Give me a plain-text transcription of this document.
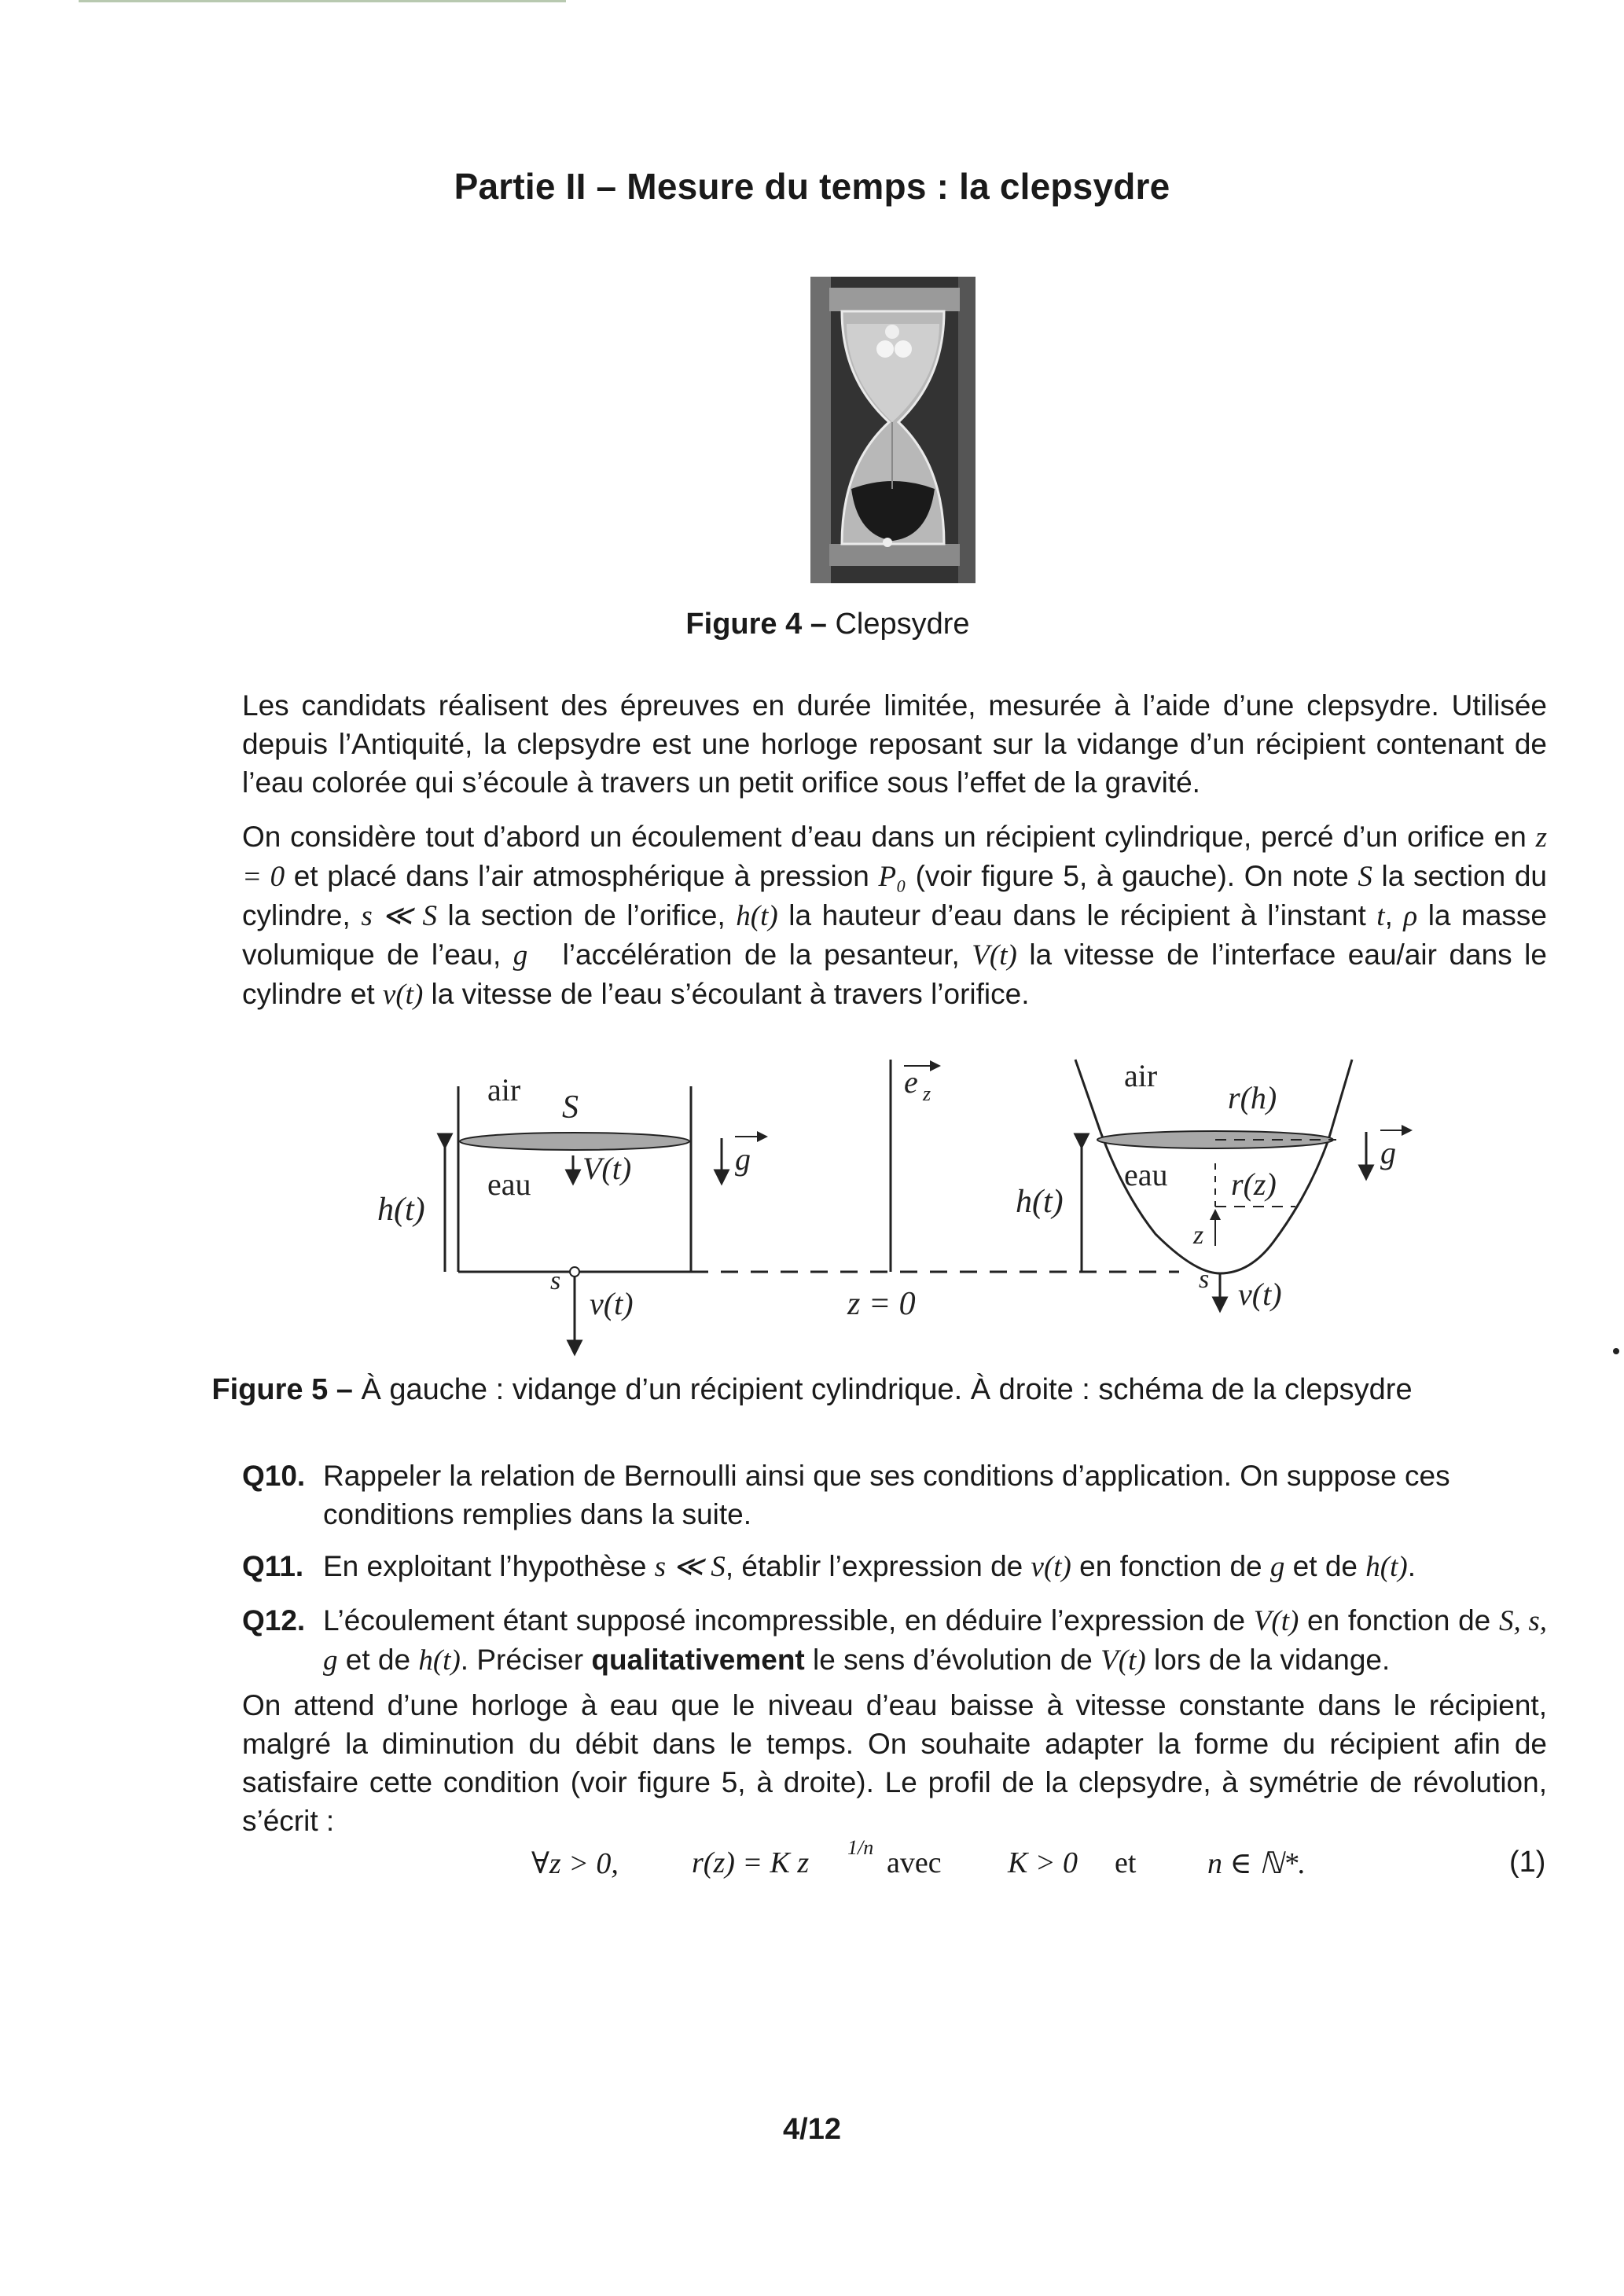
Partie II – Mesure du temps : la clepsydre
Figure 4 – Clepsydre
Les candidats réalisent des épreuves en durée limitée, mesurée à l’aide d’une clepsydre. Utilisée depuis l’Antiquité, la clepsydre est une horloge reposant sur la vidange d’un récipient contenant de l’eau colorée qui s’écoule à travers un petit orifice sous l’effet de la gravité.
On considère tout d’abord un écoulement d’eau dans un récipient cylindrique, percé d’un orifice en z = 0 et placé dans l’air atmosphérique à pression P₀ (voir figure 5, à gauche). On note S la section du cylindre, s ≪ S la section de l’orifice, h(t) la hauteur d’eau dans le récipient à l’instant t, ρ la masse volumique de l’eau, g⃗ l’accélération de la pesanteur, V(t) la vitesse de l’interface eau/air dans le cylindre et v(t) la vitesse de l’eau s’écoulant à travers l’orifice.
air S
eau V(t)
h(t)
s
v(t)
g
e z
z = 0
air
r(h)
eau r(z)
z
h(t)
s v(t)
g
Figure 5 – À gauche : vidange d’un récipient cylindrique. À droite : schéma de la clepsydre
Q10. Rappeler la relation de Bernoulli ainsi que ses conditions d’application. On suppose ces conditions remplies dans la suite.
Q11. En exploitant l’hypothèse s ≪ S, établir l’expression de v(t) en fonction de g et de h(t).
Q12. L’écoulement étant supposé incompressible, en déduire l’expression de V(t) en fonction de S, s, g et de h(t). Préciser qualitativement le sens d’évolution de V(t) lors de la vidange.
On attend d’une horloge à eau que le niveau d’eau baisse à vitesse constante dans le récipient, malgré la diminution du débit dans le temps. On souhaite adapter la forme du récipient afin de satisfaire cette condition (voir figure 5, à droite). Le profil de la clepsydre, à symétrie de révolution, s’écrit :
∀z > 0, r(z) = K z 1/n avec K > 0 et n ∈ ℕ*.	(1)
4/12
